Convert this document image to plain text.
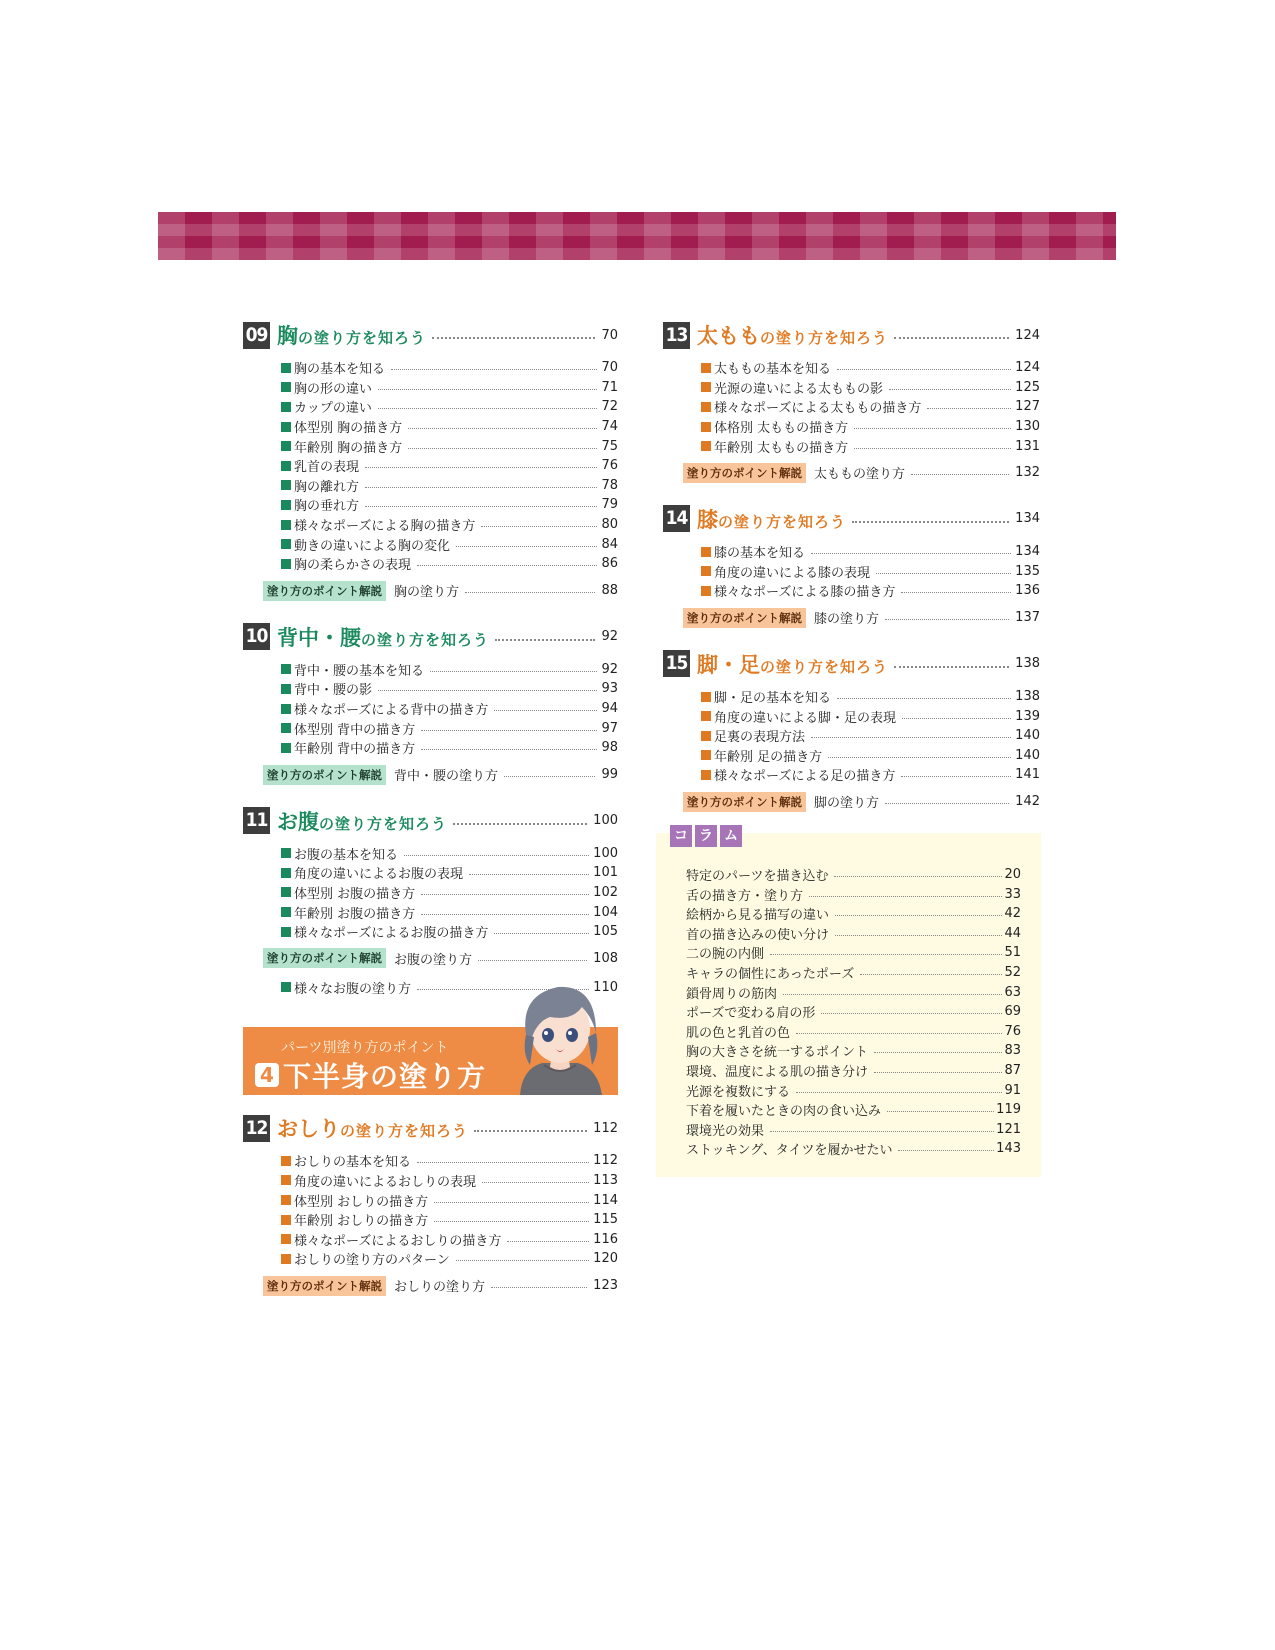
09 胸 の塗り方を知ろう	70
胸の基本を知る	70
胸の形の違い	71
カップの違い	72
体型別 胸の描き方	74
年齢別 胸の描き方	75
乳首の表現	76
胸の離れ方	78
胸の垂れ方	79
様々なポーズによる胸の描き方	80
動きの違いによる胸の変化	84
胸の柔らかさの表現	86
塗り方のポイント解説 胸の塗り方	88
10 背中・腰 の塗り方を知ろう	92
背中・腰の基本を知る	92
背中・腰の影	93
様々なポーズによる背中の描き方	94
体型別 背中の描き方	97
年齢別 背中の描き方	98
塗り方のポイント解説 背中・腰の塗り方	99
11 お腹 の塗り方を知ろう	100
お腹の基本を知る	100
角度の違いによるお腹の表現	101
体型別 お腹の描き方	102
年齢別 お腹の描き方	104
様々なポーズによるお腹の描き方	105
塗り方のポイント解説 お腹の塗り方	108
様々なお腹の塗り方	110
パーツ別塗り方のポイント
4 下半身の塗り方
12 おしり の塗り方を知ろう	112
おしりの基本を知る	112
角度の違いによるおしりの表現	113
体型別 おしりの描き方	114
年齢別 おしりの描き方	115
様々なポーズによるおしりの描き方	116
おしりの塗り方のパターン	120
塗り方のポイント解説 おしりの塗り方	123
13 太もも の塗り方を知ろう	124
太ももの基本を知る	124
光源の違いによる太ももの影	125
様々なポーズによる太ももの描き方	127
体格別 太ももの描き方	130
年齢別 太ももの描き方	131
塗り方のポイント解説 太ももの塗り方	132
14 膝 の塗り方を知ろう	134
膝の基本を知る	134
角度の違いによる膝の表現	135
様々なポーズによる膝の描き方	136
塗り方のポイント解説 膝の塗り方	137
15 脚・足 の塗り方を知ろう	138
脚・足の基本を知る	138
角度の違いによる脚・足の表現	139
足裏の表現方法	140
年齢別 足の描き方	140
様々なポーズによる足の描き方	141
塗り方のポイント解説 脚の塗り方	142
コ ラ ム
特定のパーツを描き込む	20
舌の描き方・塗り方	33
絵柄から見る描写の違い	42
首の描き込みの使い分け	44
二の腕の内側	51
キャラの個性にあったポーズ	52
鎖骨周りの筋肉	63
ポーズで変わる肩の形	69
肌の色と乳首の色	76
胸の大きさを統一するポイント	83
環境、温度による肌の描き分け	87
光源を複数にする	91
下着を履いたときの肉の食い込み	119
環境光の効果	121
ストッキング、タイツを履かせたい	143
